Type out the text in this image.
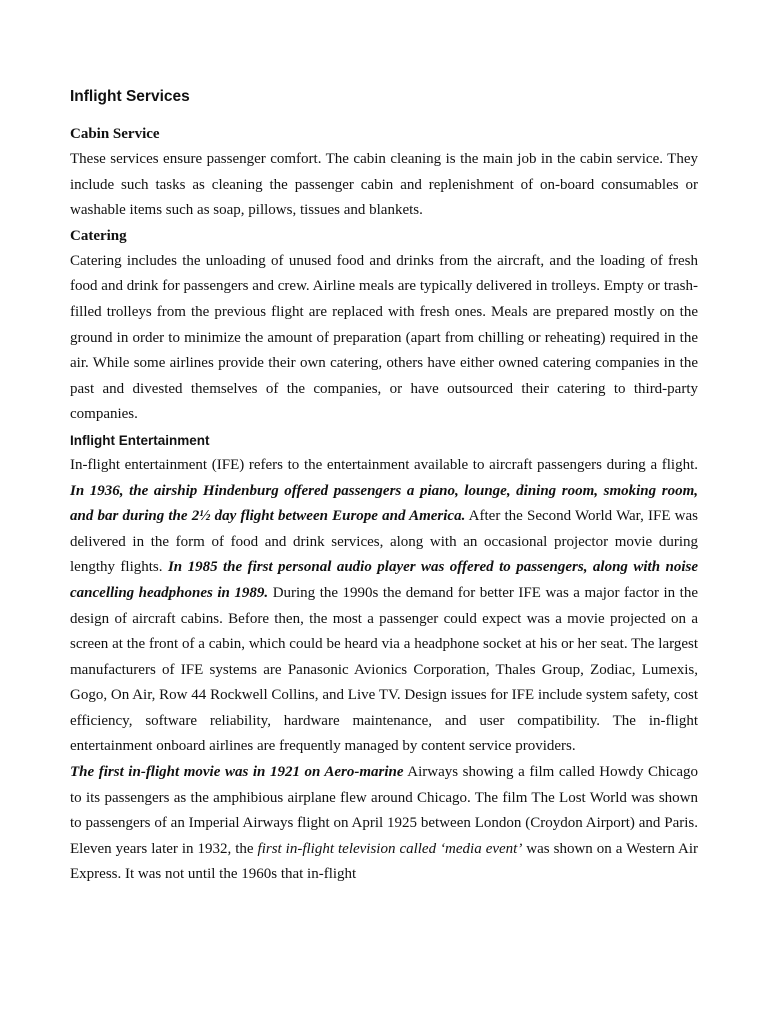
Inflight Services
Cabin Service

These services ensure passenger comfort. The cabin cleaning is the main job in the cabin service. They include such tasks as cleaning the passenger cabin and replenishment of on-board consumables or washable items such as soap, pillows, tissues and blankets.

Catering

Catering includes the unloading of unused food and drinks from the aircraft, and the loading of fresh food and drink for passengers and crew. Airline meals are typically delivered in trolleys. Empty or trash-filled trolleys from the previous flight are replaced with fresh ones. Meals are prepared mostly on the ground in order to minimize the amount of preparation (apart from chilling or reheating) required in the air. While some airlines provide their own catering, others have either owned catering companies in the past and divested themselves of the companies, or have outsourced their catering to third-party companies.

Inflight Entertainment

In-flight entertainment (IFE) refers to the entertainment available to aircraft passengers during a flight. In 1936, the airship Hindenburg offered passengers a piano, lounge, dining room, smoking room, and bar during the 2½ day flight between Europe and America. After the Second World War, IFE was delivered in the form of food and drink services, along with an occasional projector movie during lengthy flights. In 1985 the first personal audio player was offered to passengers, along with noise cancelling headphones in 1989. During the 1990s the demand for better IFE was a major factor in the design of aircraft cabins. Before then, the most a passenger could expect was a movie projected on a screen at the front of a cabin, which could be heard via a headphone socket at his or her seat. The largest manufacturers of IFE systems are Panasonic Avionics Corporation, Thales Group, Zodiac, Lumexis, Gogo, On Air, Row 44 Rockwell Collins, and Live TV. Design issues for IFE include system safety, cost efficiency, software reliability, hardware maintenance, and user compatibility. The in-flight entertainment onboard airlines are frequently managed by content service providers.

The first in-flight movie was in 1921 on Aero-marine Airways showing a film called Howdy Chicago to its passengers as the amphibious airplane flew around Chicago. The film The Lost World was shown to passengers of an Imperial Airways flight on April 1925 between London (Croydon Airport) and Paris. Eleven years later in 1932, the first in-flight television called ‘media event’ was shown on a Western Air Express. It was not until the 1960s that in-flight
